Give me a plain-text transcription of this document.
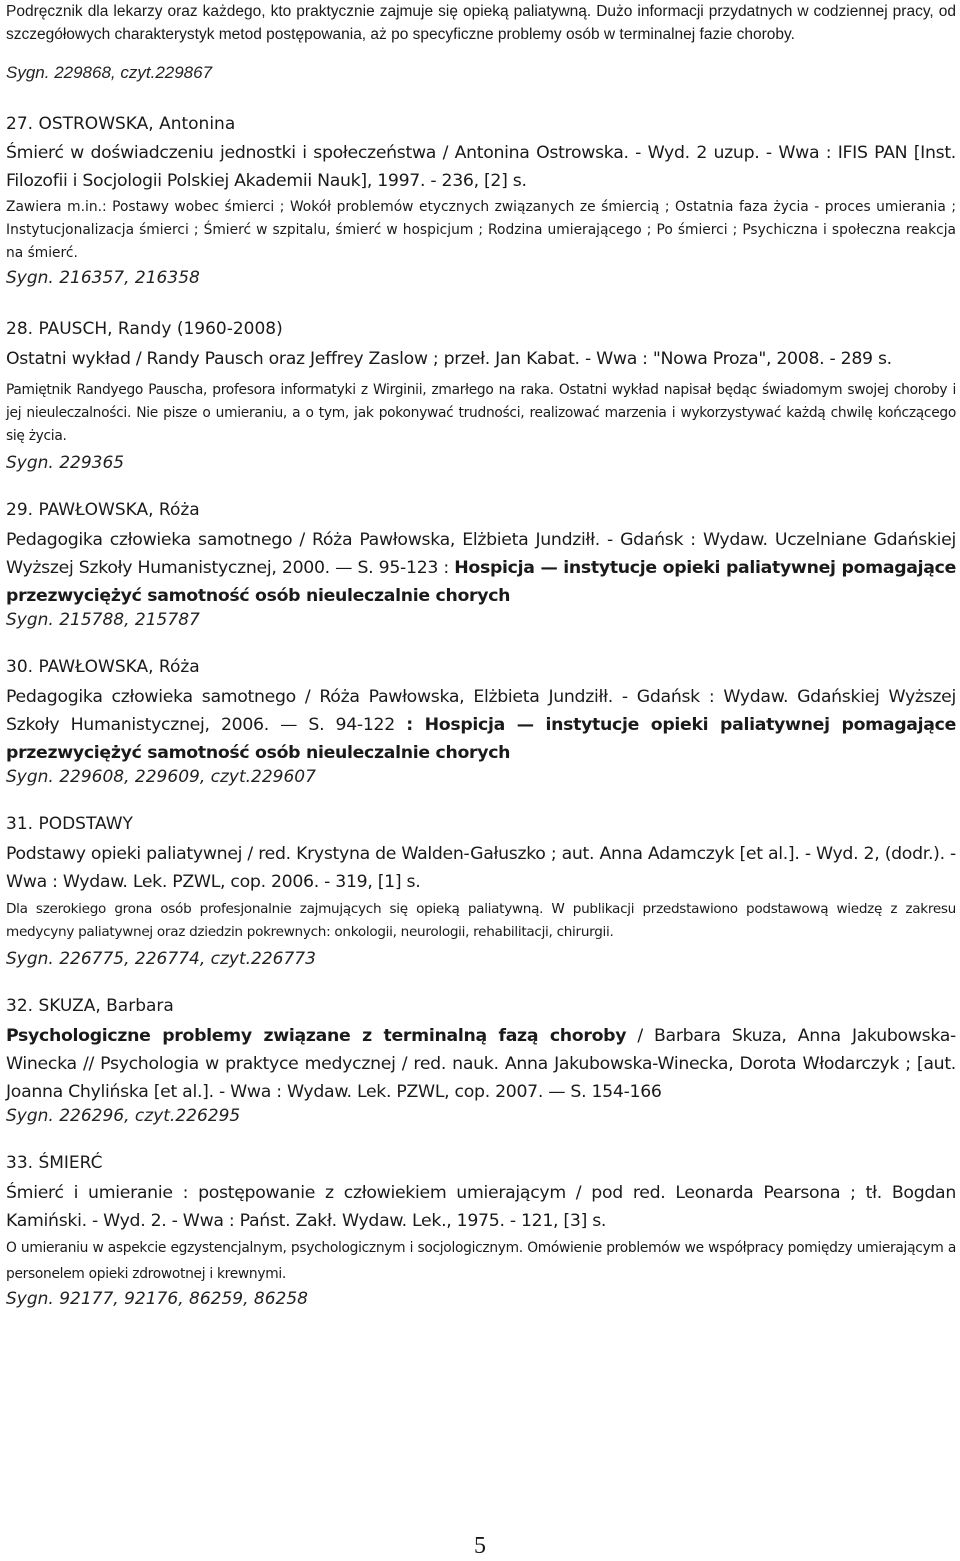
Podręcznik dla lekarzy oraz każdego, kto praktycznie zajmuje się opieką paliatywną. Dużo informacji przydatnych w codziennej pracy, od szczegółowych charakterystyk metod postępowania, aż po specyficzne problemy osób w terminalnej fazie choroby.

Sygn. 229868, czyt.229867

27. OSTROWSKA, Antonina

Śmierć w doświadczeniu jednostki i społeczeństwa / Antonina Ostrowska. - Wyd. 2 uzup. - Wwa : IFIS PAN [Inst. Filozofii i Socjologii Polskiej Akademii Nauk], 1997. - 236, [2] s.

Zawiera m.in.: Postawy wobec śmierci ; Wokół problemów etycznych związanych ze śmiercią ; Ostatnia faza życia - proces umierania ; Instytucjonalizacja śmierci ; Śmierć w szpitalu, śmierć w hospicjum ; Rodzina umierającego ; Po śmierci ; Psychiczna i społeczna reakcja na śmierć.

Sygn. 216357, 216358

28. PAUSCH, Randy (1960-2008)

Ostatni wykład / Randy Pausch oraz Jeffrey Zaslow ; przeł. Jan Kabat. - Wwa : "Nowa Proza", 2008. - 289 s.

Pamiętnik Randyego Pauscha, profesora informatyki z Wirginii, zmarłego na raka. Ostatni wykład napisał będąc świadomym swojej choroby i jej nieuleczalności. Nie pisze o umieraniu, a o tym, jak pokonywać trudności, realizować marzenia i wykorzystywać każdą chwilę kończącego się życia.

Sygn. 229365

29. PAWŁOWSKA, Róża

Pedagogika człowieka samotnego / Róża Pawłowska, Elżbieta Jundziłł. - Gdańsk : Wydaw. Uczelniane Gdańskiej Wyższej Szkoły Humanistycznej, 2000. — S. 95-123 : Hospicja — instytucje opieki paliatywnej pomagające przezwyciężyć samotność osób nieuleczalnie chorych

Sygn. 215788, 215787

30. PAWŁOWSKA, Róża

Pedagogika człowieka samotnego / Róża Pawłowska, Elżbieta Jundziłł. - Gdańsk : Wydaw. Gdańskiej Wyższej Szkoły Humanistycznej, 2006. — S. 94-122 : Hospicja — instytucje opieki paliatywnej pomagające przezwyciężyć samotność osób nieuleczalnie chorych

Sygn. 229608, 229609, czyt.229607

31. PODSTAWY

Podstawy opieki paliatywnej / red. Krystyna de Walden-Gałuszko ; aut. Anna Adamczyk [et al.]. - Wyd. 2, (dodr.). - Wwa : Wydaw. Lek. PZWL, cop. 2006. - 319, [1] s.

Dla szerokiego grona osób profesjonalnie zajmujących się opieką paliatywną. W publikacji przedstawiono podstawową wiedzę z zakresu medycyny paliatywnej oraz dziedzin pokrewnych: onkologii, neurologii, rehabilitacji, chirurgii.

Sygn. 226775, 226774, czyt.226773

32. SKUZA, Barbara

Psychologiczne problemy związane z terminalną fazą choroby / Barbara Skuza, Anna Jakubowska-Winecka // Psychologia w praktyce medycznej / red. nauk. Anna Jakubowska-Winecka, Dorota Włodarczyk ; [aut. Joanna Chylińska [et al.]. - Wwa : Wydaw. Lek. PZWL, cop. 2007. — S. 154-166

Sygn. 226296, czyt.226295

33. ŚMIERĆ

Śmierć i umieranie : postępowanie z człowiekiem umierającym / pod red. Leonarda Pearsona ; tł. Bogdan Kamiński. - Wyd. 2. - Wwa : Państ. Zakł. Wydaw. Lek., 1975. - 121, [3] s.

O umieraniu w aspekcie egzystencjalnym, psychologicznym i socjologicznym. Omówienie problemów we współpracy pomiędzy umierającym a personelem opieki zdrowotnej i krewnymi.

Sygn. 92177, 92176, 86259, 86258

5
